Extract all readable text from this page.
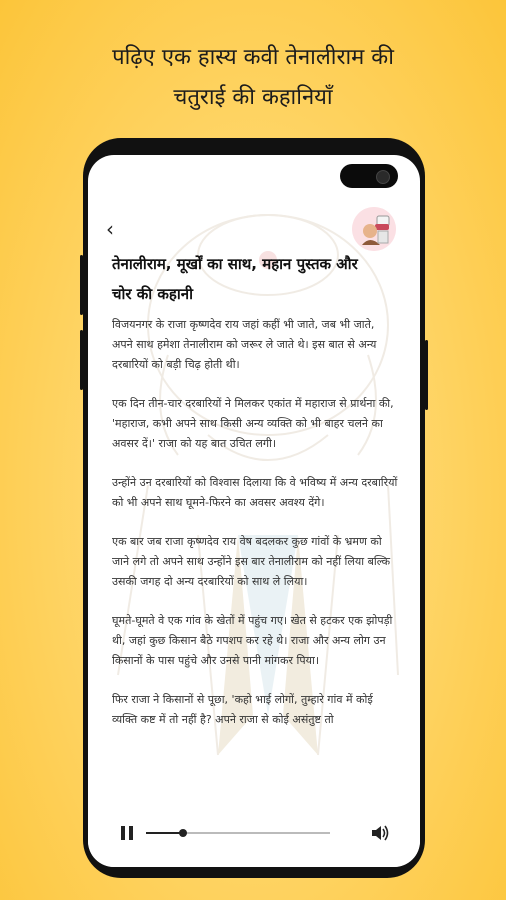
पढ़िए एक हास्य कवी तेनालीराम की
चतुराई की कहानियाँ
‹
तेनालीराम, मूर्खों का साथ, महान पुस्तक और चोर की कहानी

विजयनगर के राजा कृष्णदेव राय जहां कहीं भी जाते, जब भी जाते, अपने साथ हमेशा तेनालीराम को जरूर ले जाते थे। इस बात से अन्य दरबारियों को बड़ी चिढ़ होती थी।

एक दिन तीन-चार दरबारियों ने मिलकर एकांत में महाराज से प्रार्थना की, 'महाराज, कभी अपने साथ किसी अन्य व्यक्ति को भी बाहर चलने का अवसर दें।' राजा को यह बात उचित लगी।

उन्होंने उन दरबारियों को विश्वास दिलाया कि वे भविष्य में अन्य दरबारियों को भी अपने साथ घूमने-फिरने का अवसर अवश्य देंगे।

एक बार जब राजा कृष्णदेव राय वेष बदलकर कुछ गांवों के भ्रमण को जाने लगे तो अपने साथ उन्होंने इस बार तेनालीराम को नहीं लिया बल्कि उसकी जगह दो अन्य दरबारियों को साथ ले लिया।

घूमते-घूमते वे एक गांव के खेतों में पहुंच गए। खेत से हटकर एक झोपड़ी थी, जहां कुछ किसान बैठे गपशप कर रहे थे। राजा और अन्य लोग उन किसानों के पास पहुंचे और उनसे पानी मांगकर पिया।

फिर राजा ने किसानों से पूछा, 'कहो भाई लोगों, तुम्हारे गांव में कोई व्यक्ति कष्ट में तो नहीं है? अपने राजा से कोई असंतुष्ट तो
